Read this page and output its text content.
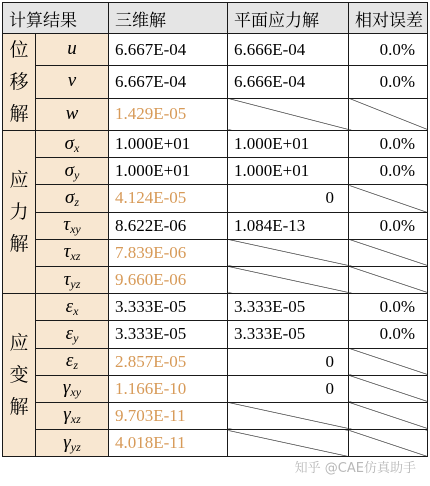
计算结果		三维解	平面应力解	相对误差
位移解	u	6.667E-04	6.666E-04	0.0%
	v	6.667E-04	6.666E-04	0.0%
	w	1.429E-05		
应力解	$\sigma_x$	1.000E+01	1.000E+01	0.0%
	$\sigma_y$	1.000E+01	1.000E+01	0.0%
	$\sigma_z$	4.124E-05	0	
	$\tau_{xy}$	8.622E-06	1.084E-13	0.0%
	$\tau_{xz}$	7.839E-06		
	$\tau_{yz}$	9.660E-06		
应变解	$\varepsilon_x$	3.333E-05	3.333E-05	0.0%
	$\varepsilon_y$	3.333E-05	3.333E-05	0.0%
	$\varepsilon_z$	2.857E-05	0	
	$\gamma_{xy}$	1.166E-10	0	
	$\gamma_{xz}$	9.703E-11		
	$\gamma_{yz}$	4.018E-11		
知乎 @CAE仿真助手
